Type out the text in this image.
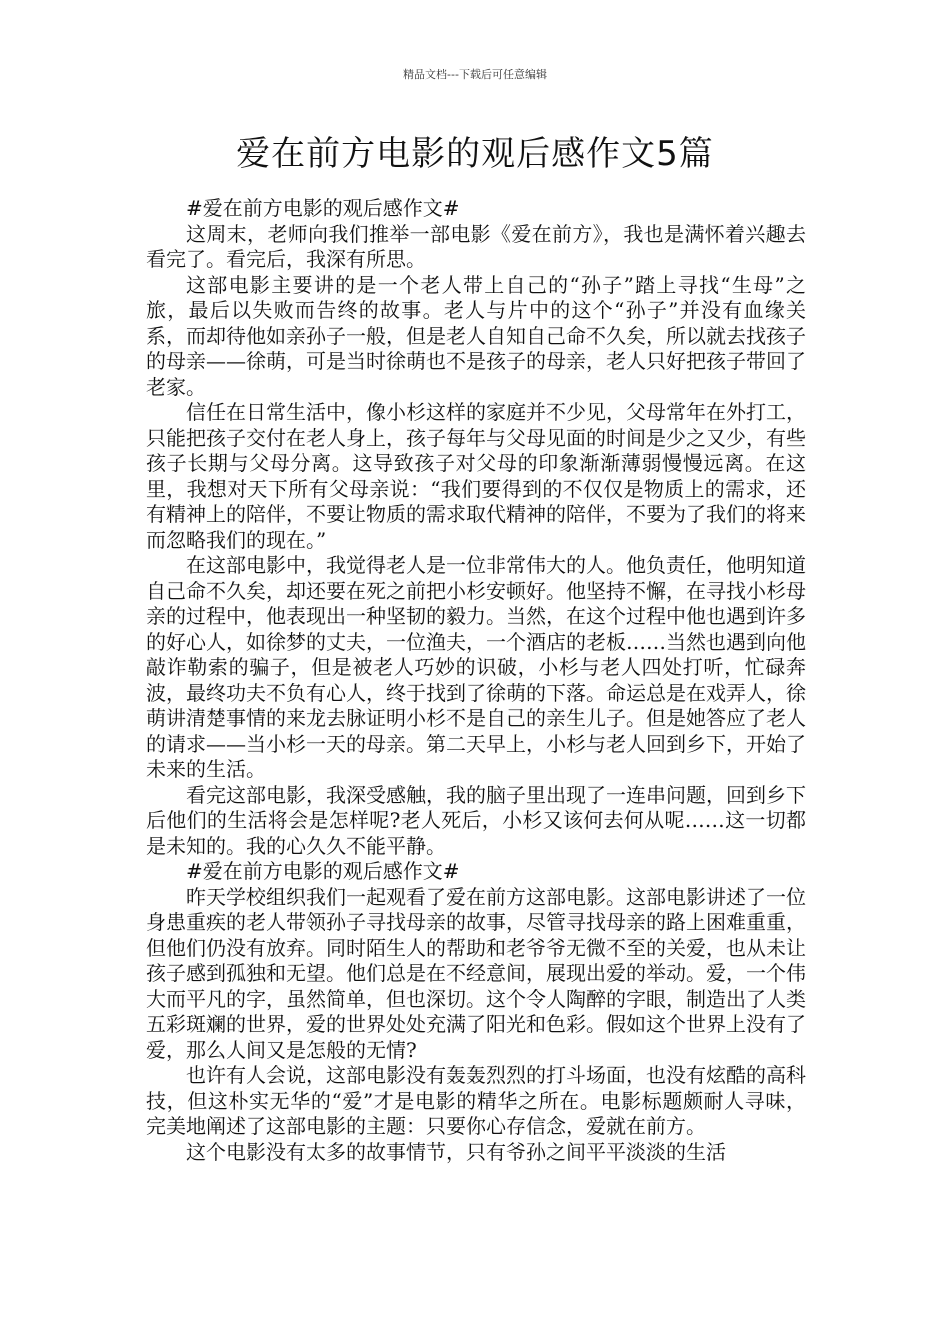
精品文档---下载后可任意编辑
爱在前方电影的观后感作文5篇

#爱在前方电影的观后感作文#

这周末，老师向我们推举一部电影《爱在前方》，我也是满怀着兴趣去看完了。看完后，我深有所思。

这部电影主要讲的是一个老人带上自己的“孙子”踏上寻找“生母”之旅，最后以失败而告终的故事。老人与片中的这个“孙子”并没有血缘关系，而却待他如亲孙子一般，但是老人自知自己命不久矣，所以就去找孩子的母亲——徐萌，可是当时徐萌也不是孩子的母亲，老人只好把孩子带回了老家。

信任在日常生活中，像小杉这样的家庭并不少见，父母常年在外打工，只能把孩子交付在老人身上，孩子每年与父母见面的时间是少之又少，有些孩子长期与父母分离。这导致孩子对父母的印象渐渐薄弱慢慢远离。在这里，我想对天下所有父母亲说：“我们要得到的不仅仅是物质上的需求，还有精神上的陪伴，不要让物质的需求取代精神的陪伴，不要为了我们的将来而忽略我们的现在。”

在这部电影中，我觉得老人是一位非常伟大的人。他负责任，他明知道自己命不久矣，却还要在死之前把小杉安顿好。他坚持不懈，在寻找小杉母亲的过程中，他表现出一种坚韧的毅力。当然，在这个过程中他也遇到许多的好心人，如徐梦的丈夫，一位渔夫，一个酒店的老板……当然也遇到向他敲诈勒索的骗子，但是被老人巧妙的识破，小杉与老人四处打听，忙碌奔波，最终功夫不负有心人，终于找到了徐萌的下落。命运总是在戏弄人，徐萌讲清楚事情的来龙去脉证明小杉不是自己的亲生儿子。但是她答应了老人的请求——当小杉一天的母亲。第二天早上，小杉与老人回到乡下，开始了未来的生活。

看完这部电影，我深受感触，我的脑子里出现了一连串问题，回到乡下后他们的生活将会是怎样呢?老人死后，小杉又该何去何从呢……这一切都是未知的。我的心久久不能平静。

#爱在前方电影的观后感作文#

昨天学校组织我们一起观看了爱在前方这部电影。这部电影讲述了一位身患重疾的老人带领孙子寻找母亲的故事，尽管寻找母亲的路上困难重重，但他们仍没有放弃。同时陌生人的帮助和老爷爷无微不至的关爱，也从未让孩子感到孤独和无望。他们总是在不经意间，展现出爱的举动。爱，一个伟大而平凡的字，虽然简单，但也深切。这个令人陶醉的字眼，制造出了人类五彩斑斓的世界，爱的世界处处充满了阳光和色彩。假如这个世界上没有了爱，那么人间又是怎般的无情?

也许有人会说，这部电影没有轰轰烈烈的打斗场面，也没有炫酷的高科技，但这朴实无华的“爱”才是电影的精华之所在。电影标题颇耐人寻味，完美地阐述了这部电影的主题：只要你心存信念，爱就在前方。

这个电影没有太多的故事情节，只有爷孙之间平平淡淡的生活
